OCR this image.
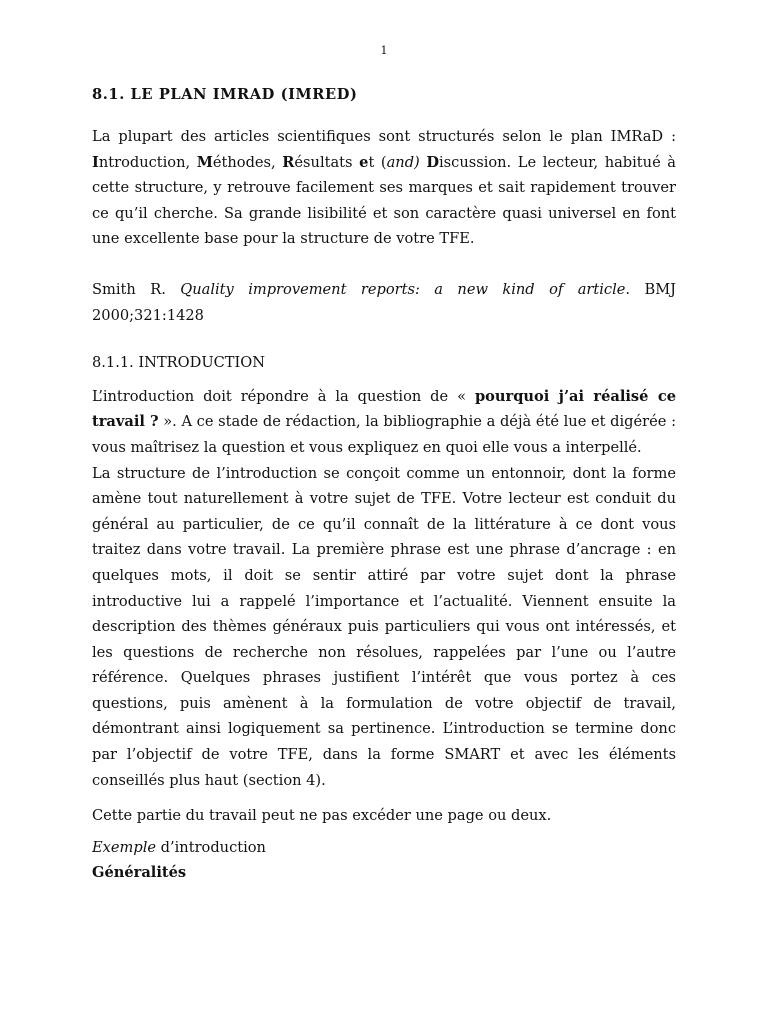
1
8.1. LE PLAN IMRAD (IMRED)

La plupart des articles scientifiques sont structurés selon le plan IMRaD : Introduction, Méthodes, Résultats et (and) Discussion. Le lecteur, habitué à cette structure, y retrouve facilement ses marques et sait rapidement trouver ce qu’il cherche. Sa grande lisibilité et son caractère quasi universel en font une excellente base pour la structure de votre TFE.

Smith R. Quality improvement reports: a new kind of article. BMJ 2000;321:1428

8.1.1. INTRODUCTION

L’introduction doit répondre à la question de « pourquoi j’ai réalisé ce travail ? ». A ce stade de rédaction, la bibliographie a déjà été lue et digérée : vous maîtrisez la question et vous expliquez en quoi elle vous a interpellé.

La structure de l’introduction se conçoit comme un entonnoir, dont la forme amène tout naturellement à votre sujet de TFE. Votre lecteur est conduit du général au particulier, de ce qu’il connaît de la littérature à ce dont vous traitez dans votre travail. La première phrase est une phrase d’ancrage : en quelques mots, il doit se sentir attiré par votre sujet dont la phrase introductive lui a rappelé l’importance et l’actualité. Viennent ensuite la description des thèmes généraux puis particuliers qui vous ont intéressés, et les questions de recherche non résolues, rappelées par l’une ou l’autre référence. Quelques phrases justifient l’intérêt que vous portez à ces questions, puis amènent à la formulation de votre objectif de travail, démontrant ainsi logiquement sa pertinence. L’introduction se termine donc par l’objectif de votre TFE, dans la forme SMART et avec les éléments conseillés plus haut (section 4).

Cette partie du travail peut ne pas excéder une page ou deux.

Exemple d’introduction

Généralités
